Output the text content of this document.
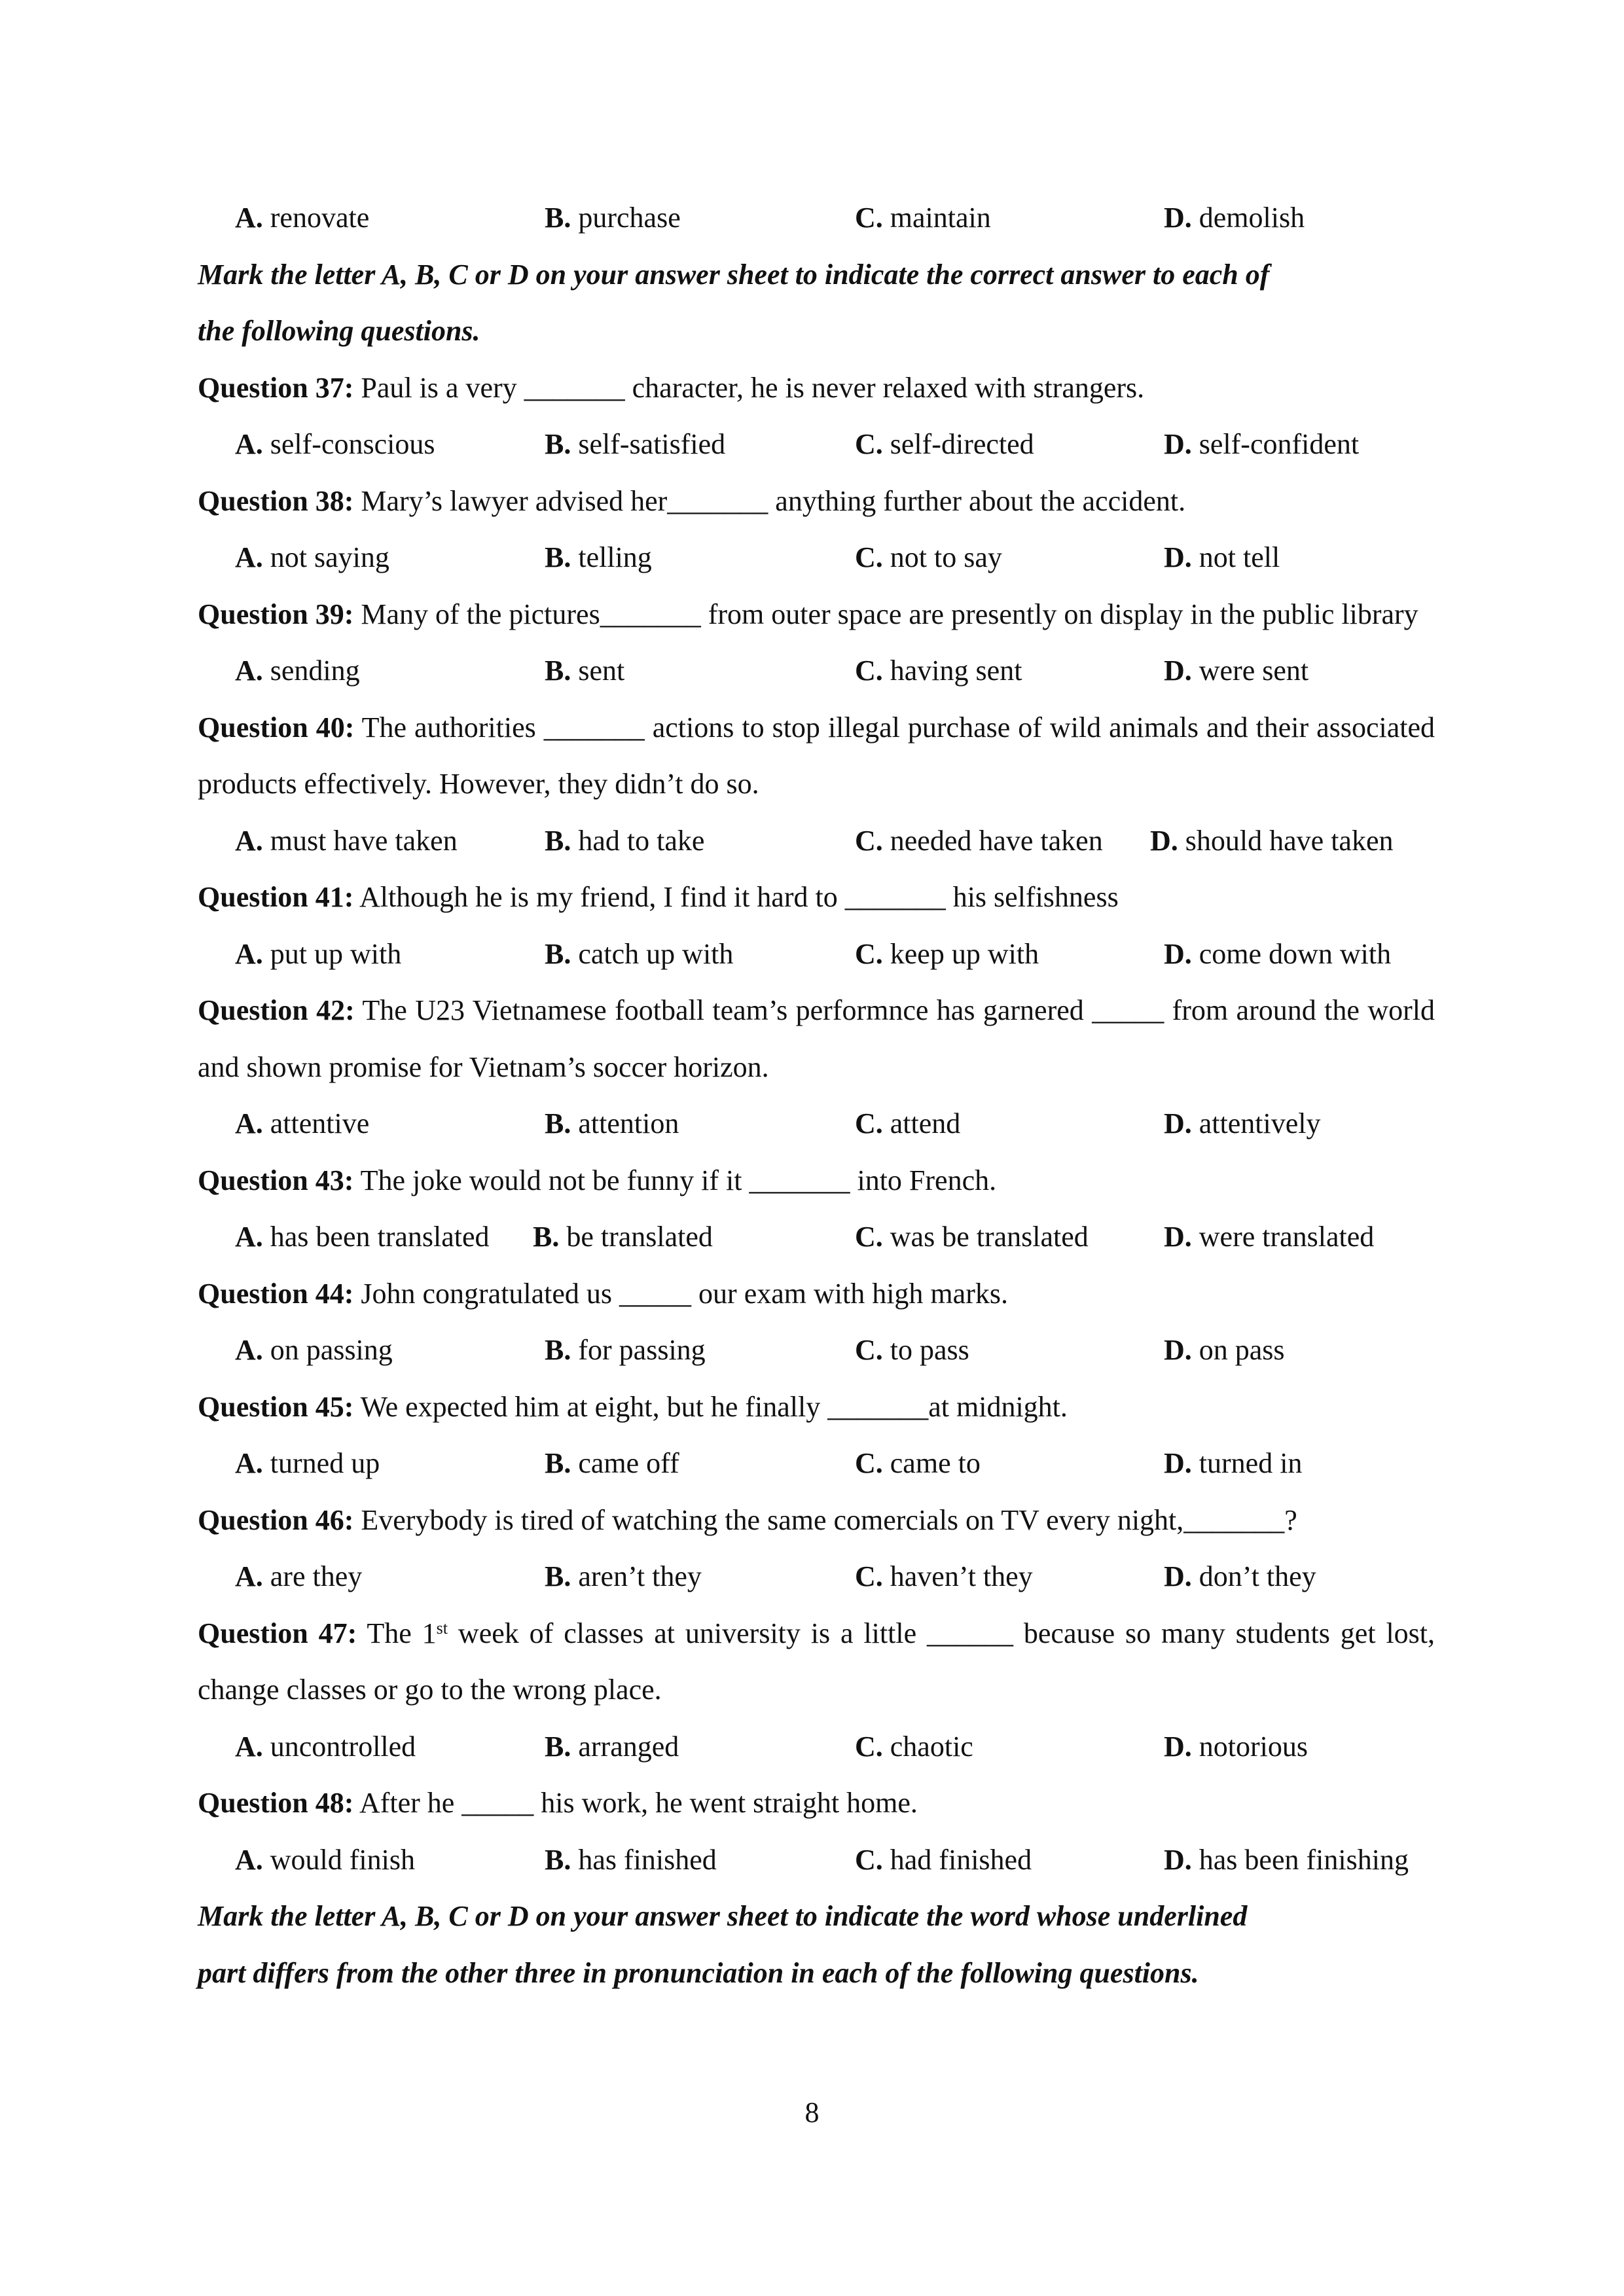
A. renovate	B. purchase	C. maintain	D. demolish
Mark the letter A, B, C or D on your answer sheet to indicate the correct answer to each of
the following questions.
Question 37: Paul is a very _______ character, he is never relaxed with strangers.
A. self-conscious	B. self-satisfied	C. self-directed	D. self-confident
Question 38: Mary’s lawyer advised her_______ anything further about the accident.
A. not saying	B. telling	C. not to say	D. not tell
Question 39: Many of the pictures_______ from outer space are presently on display in the public library
A. sending	B. sent	C. having sent	D. were sent
Question 40: The authorities _______ actions to stop illegal purchase of wild animals and their associated products effectively. However, they didn’t do so.
A. must have taken	B. had to take	C. needed have taken D. should have taken
Question 41: Although he is my friend, I find it hard to _______ his selfishness
A. put up with	B. catch up with	C. keep up with	D. come down with
Question 42: The U23 Vietnamese football team’s performnce has garnered _____ from around the world and shown promise for Vietnam’s soccer horizon.
A. attentive	B. attention	C. attend	D. attentively
Question 43: The joke would not be funny if it _______ into French.
A. has been translated B. be translated	C. was be translated	D. were translated
Question 44: John congratulated us _____ our exam with high marks.
A. on passing	B. for passing	C. to pass	D. on pass
Question 45: We expected him at eight, but he finally _______at midnight.
A. turned up	B. came off	C. came to	D. turned in
Question 46: Everybody is tired of watching the same comercials on TV every night,_______?
A. are they	B. aren’t they	C. haven’t they	D. don’t they
Question 47: The 1st week of classes at university is a little ______ because so many students get lost, change classes or go to the wrong place.
A. uncontrolled	B. arranged	C. chaotic	D. notorious
Question 48: After he _____ his work, he went straight home.
A. would finish	B. has finished	C. had finished	D. has been finishing
Mark the letter A, B, C or D on your answer sheet to indicate the word whose underlined
part differs from the other three in pronunciation in each of the following questions.
8
